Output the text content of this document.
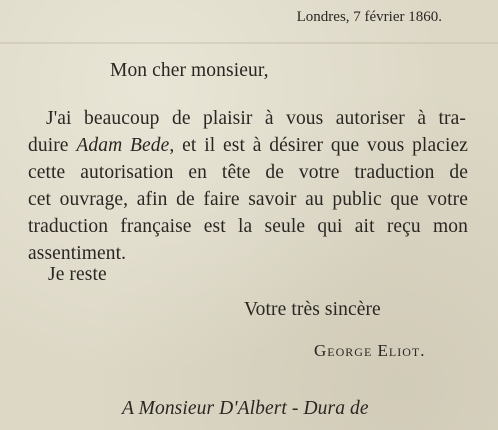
Londres, 7 février 1860.
Mon cher monsieur,
J'ai beaucoup de plaisir à vous autoriser à tra-
duire Adam Bede, et il est à désirer que vous placiez
cette autorisation en tête de votre traduction de
cet ouvrage, afin de faire savoir au public que votre
traduction française est la seule qui ait reçu mon
assentiment.
Je reste
Votre très sincère
George Eliot.
A Monsieur D'Albert - Dura de
